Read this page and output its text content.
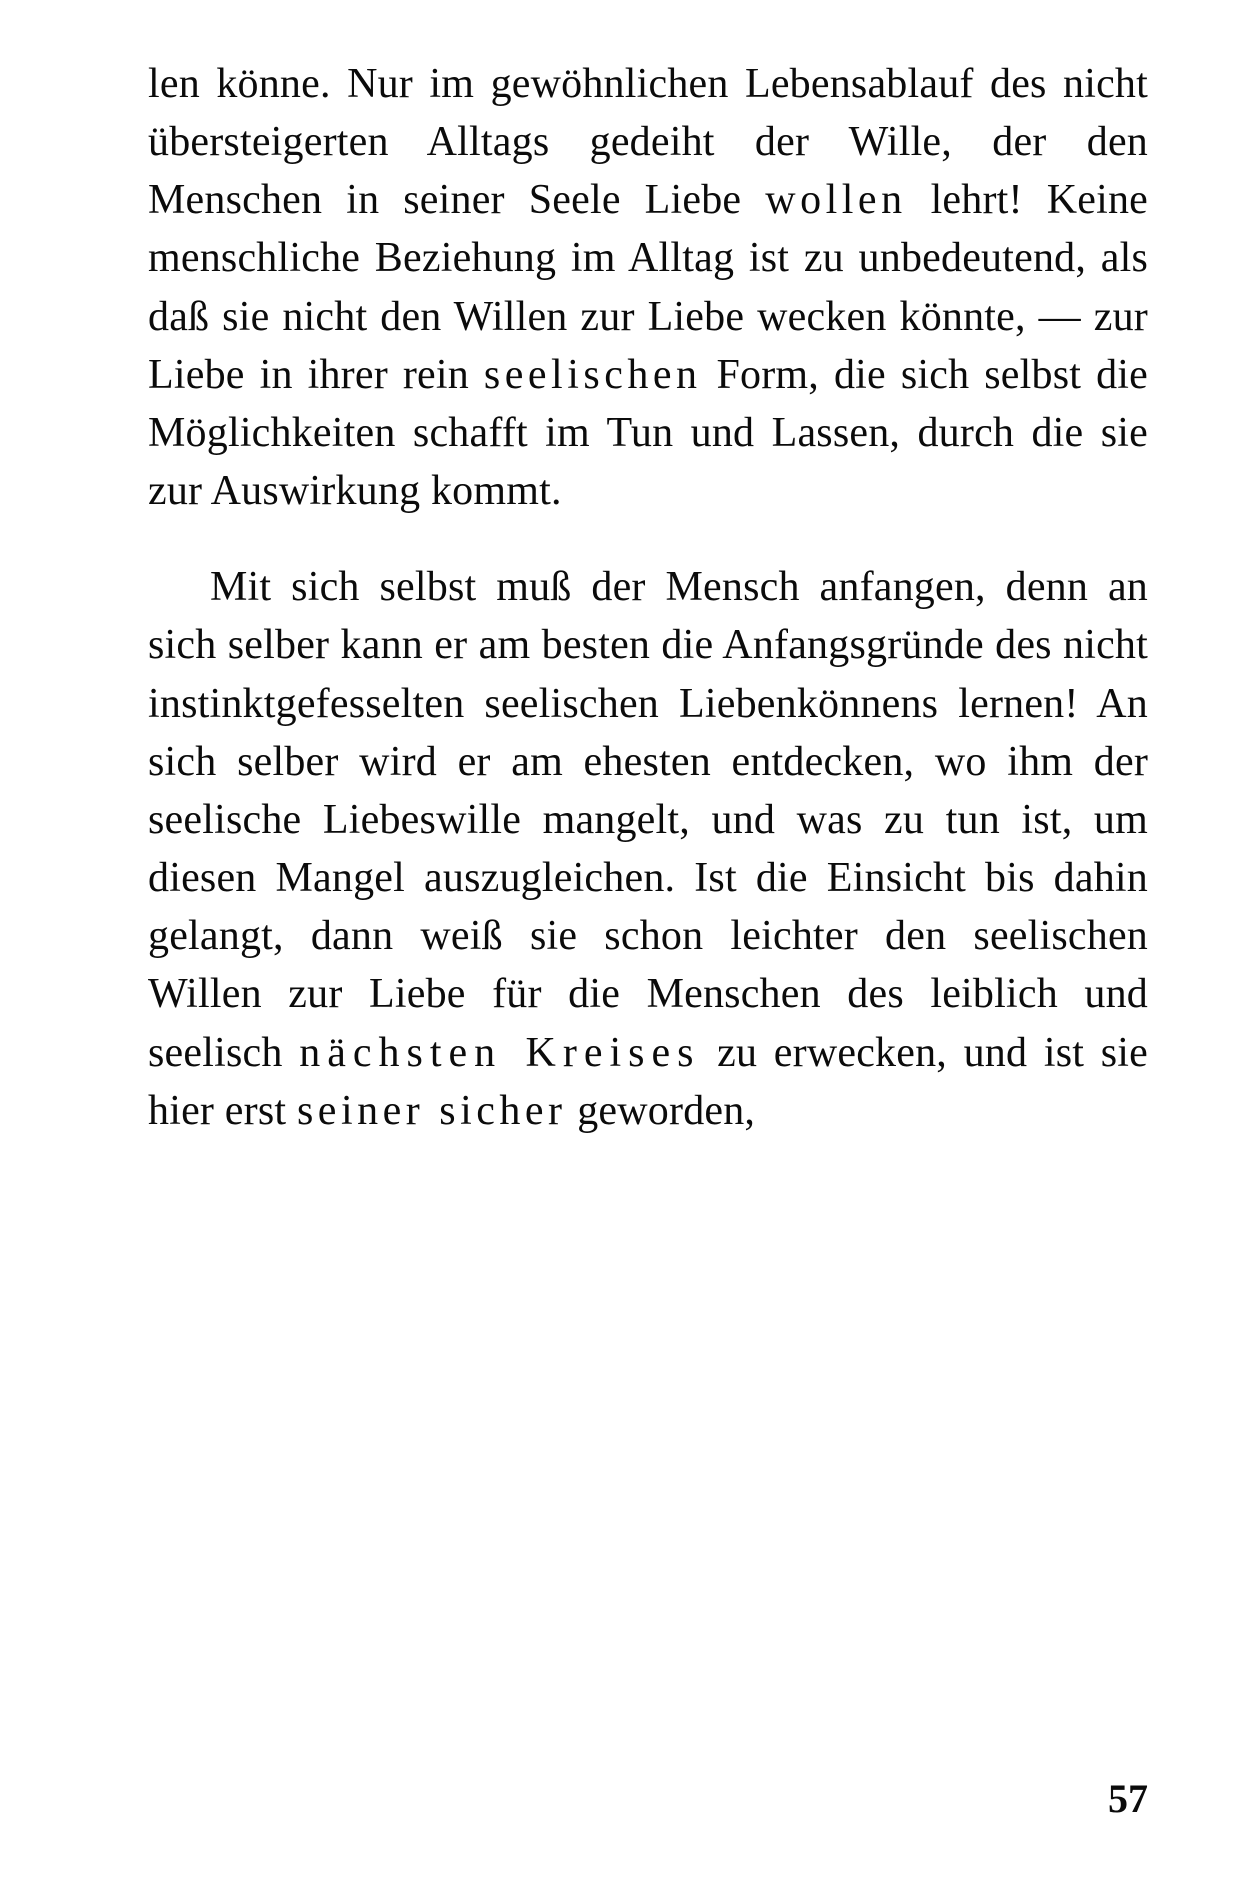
len könne. Nur im gewöhnlichen Lebensablauf des nicht übersteigerten Alltags gedeiht der Wille, der den Menschen in seiner Seele Liebe wollen lehrt! Keine menschliche Beziehung im Alltag ist zu unbedeutend, als daß sie nicht den Willen zur Liebe wecken könnte, — zur Liebe in ihrer rein seelischen Form, die sich selbst die Möglichkeiten schafft im Tun und Lassen, durch die sie zur Auswirkung kommt.

Mit sich selbst muß der Mensch anfangen, denn an sich selber kann er am besten die Anfangsgründe des nicht instinktgefesselten seelischen Liebenkönnens lernen! An sich selber wird er am ehesten entdecken, wo ihm der seelische Liebeswille mangelt, und was zu tun ist, um diesen Mangel auszugleichen. Ist die Einsicht bis dahin gelangt, dann weiß sie schon leichter den seelischen Willen zur Liebe für die Menschen des leiblich und seelisch nächsten Kreises zu erwecken, und ist sie hier erst seiner sicher geworden,

57
